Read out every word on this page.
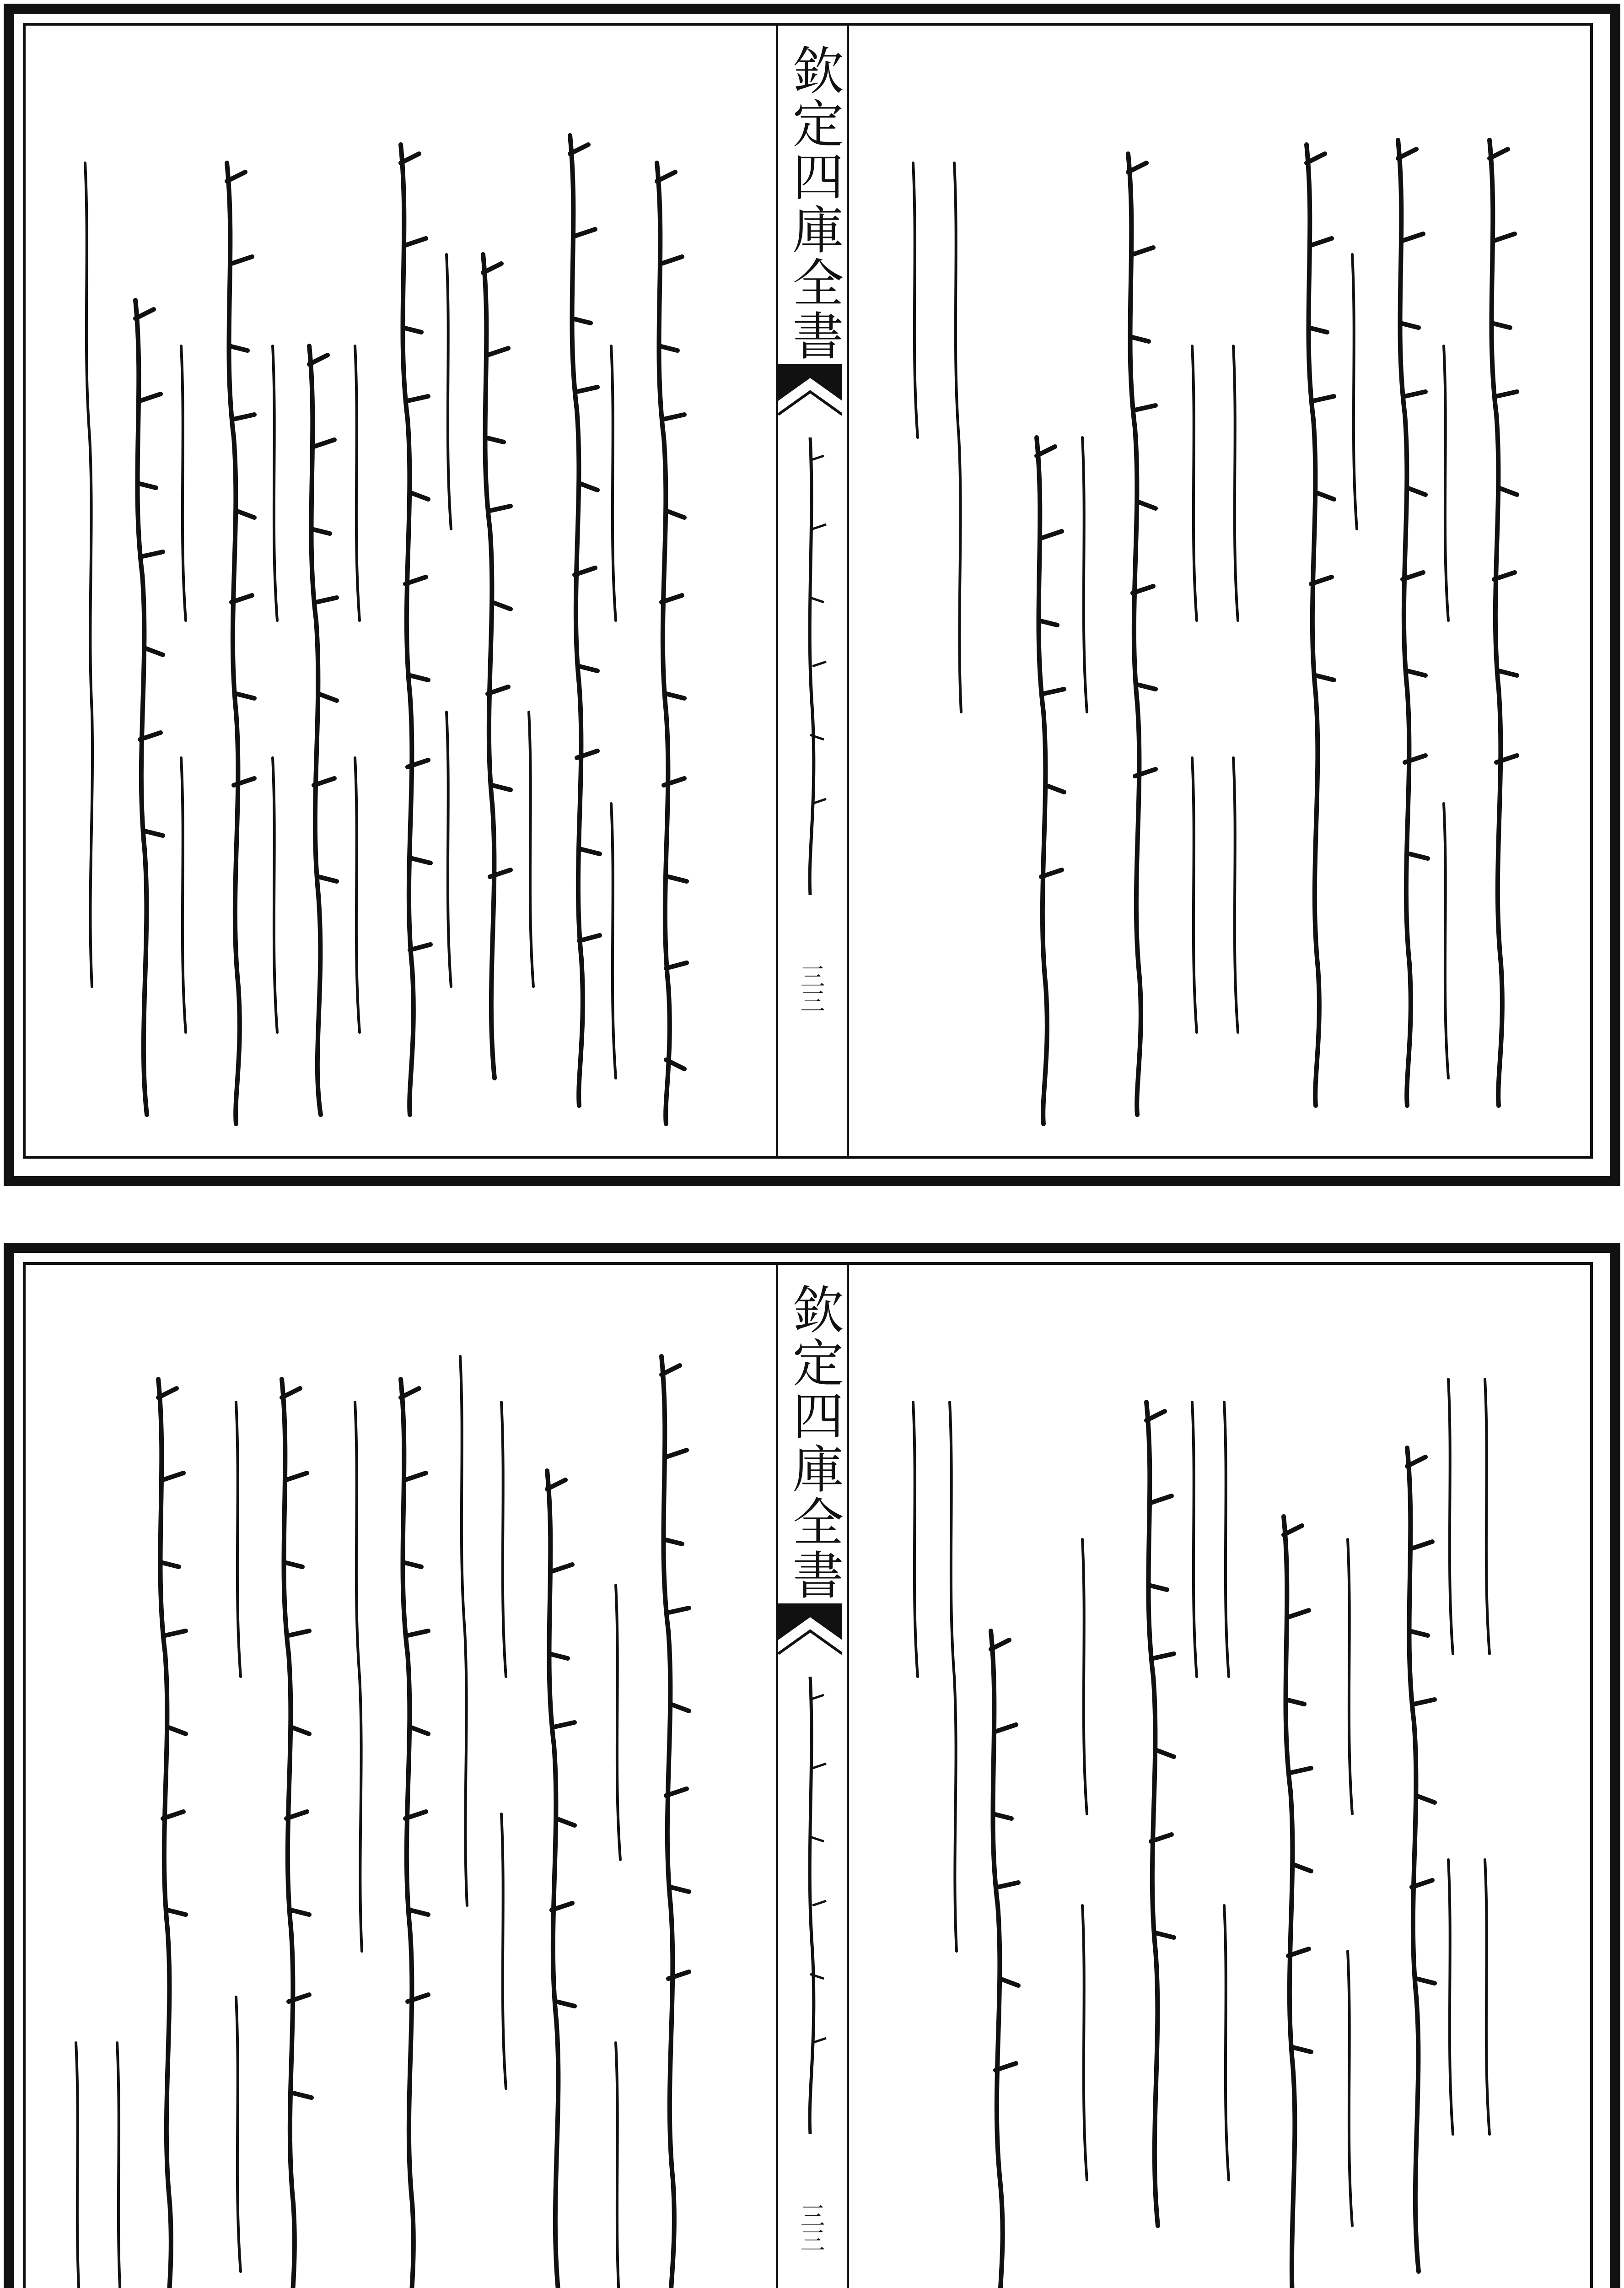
欽定四庫全書
三三
欽定四庫全書
三三
